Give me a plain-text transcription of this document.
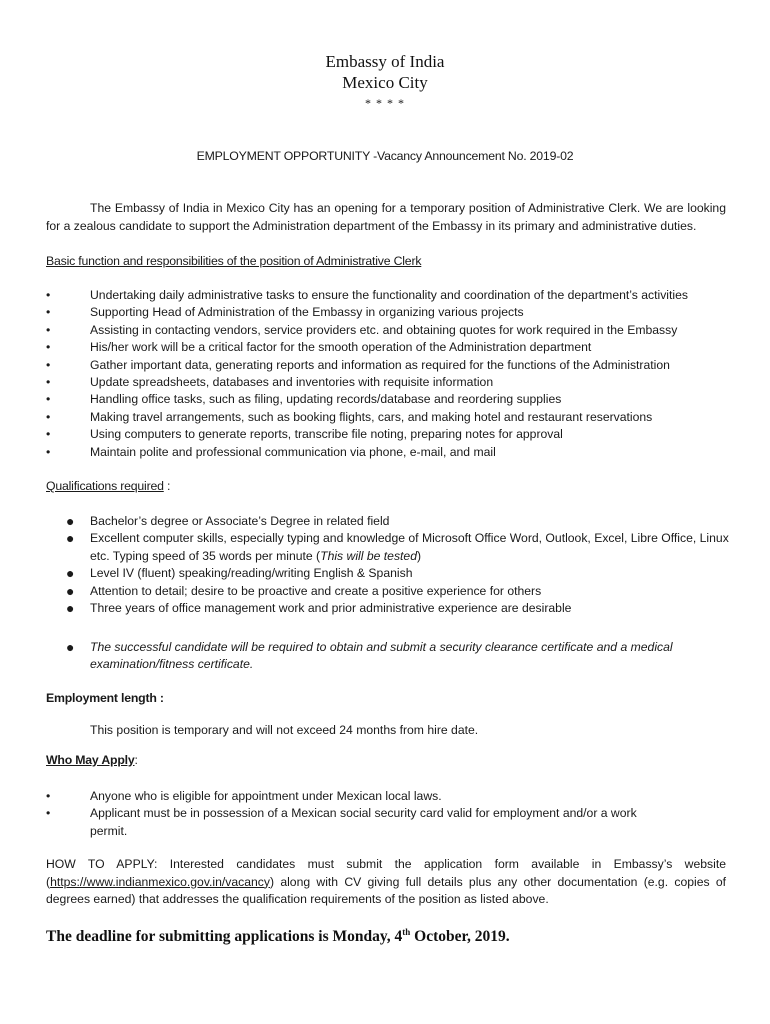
Embassy of India
Mexico City
* * * *
EMPLOYMENT OPPORTUNITY -Vacancy Announcement No. 2019-02

The Embassy of India in Mexico City has an opening for a temporary position of Administrative Clerk. We are looking for a zealous candidate to support the Administration department of the Embassy in its primary and administrative duties.

Basic function and responsibilities of the position of Administrative Clerk
•	Undertaking daily administrative tasks to ensure the functionality and coordination of the department’s activities
•	Supporting Head of Administration of the Embassy in organizing various projects
•	Assisting in contacting vendors, service providers etc. and obtaining quotes for work required in the Embassy
•	His/her work will be a critical factor for the smooth operation of the Administration department
•	Gather important data, generating reports and information as required for the functions of the Administration
•	Update spreadsheets, databases and inventories with requisite information
•	Handling office tasks, such as filing, updating records/database and reordering supplies
•	Making travel arrangements, such as booking flights, cars, and making hotel and restaurant reservations
•	Using computers to generate reports, transcribe file noting, preparing notes for approval
•	Maintain polite and professional communication via phone, e-mail, and mail
Qualifications required :
● Bachelor’s degree or Associate’s Degree in related field
● Excellent computer skills, especially typing and knowledge of Microsoft Office Word, Outlook, Excel, Libre Office, Linux etc. Typing speed of 35 words per minute (This will be tested)
● Level IV (fluent) speaking/reading/writing English & Spanish
● Attention to detail; desire to be proactive and create a positive experience for others
● Three years of office management work and prior administrative experience are desirable
● The successful candidate will be required to obtain and submit a security clearance certificate and a medical examination/fitness certificate.
Employment length :
This position is temporary and will not exceed 24 months from hire date.
Who May Apply:
•	Anyone who is eligible for appointment under Mexican local laws.
•	Applicant must be in possession of a Mexican social security card valid for employment and/or a work permit.

HOW TO APPLY: Interested candidates must submit the application form available in Embassy’s website (https://www.indianmexico.gov.in/vacancy) along with CV giving full details plus any other documentation (e.g. copies of degrees earned) that addresses the qualification requirements of the position as listed above.

The deadline for submitting applications is Monday, 4th October, 2019.
